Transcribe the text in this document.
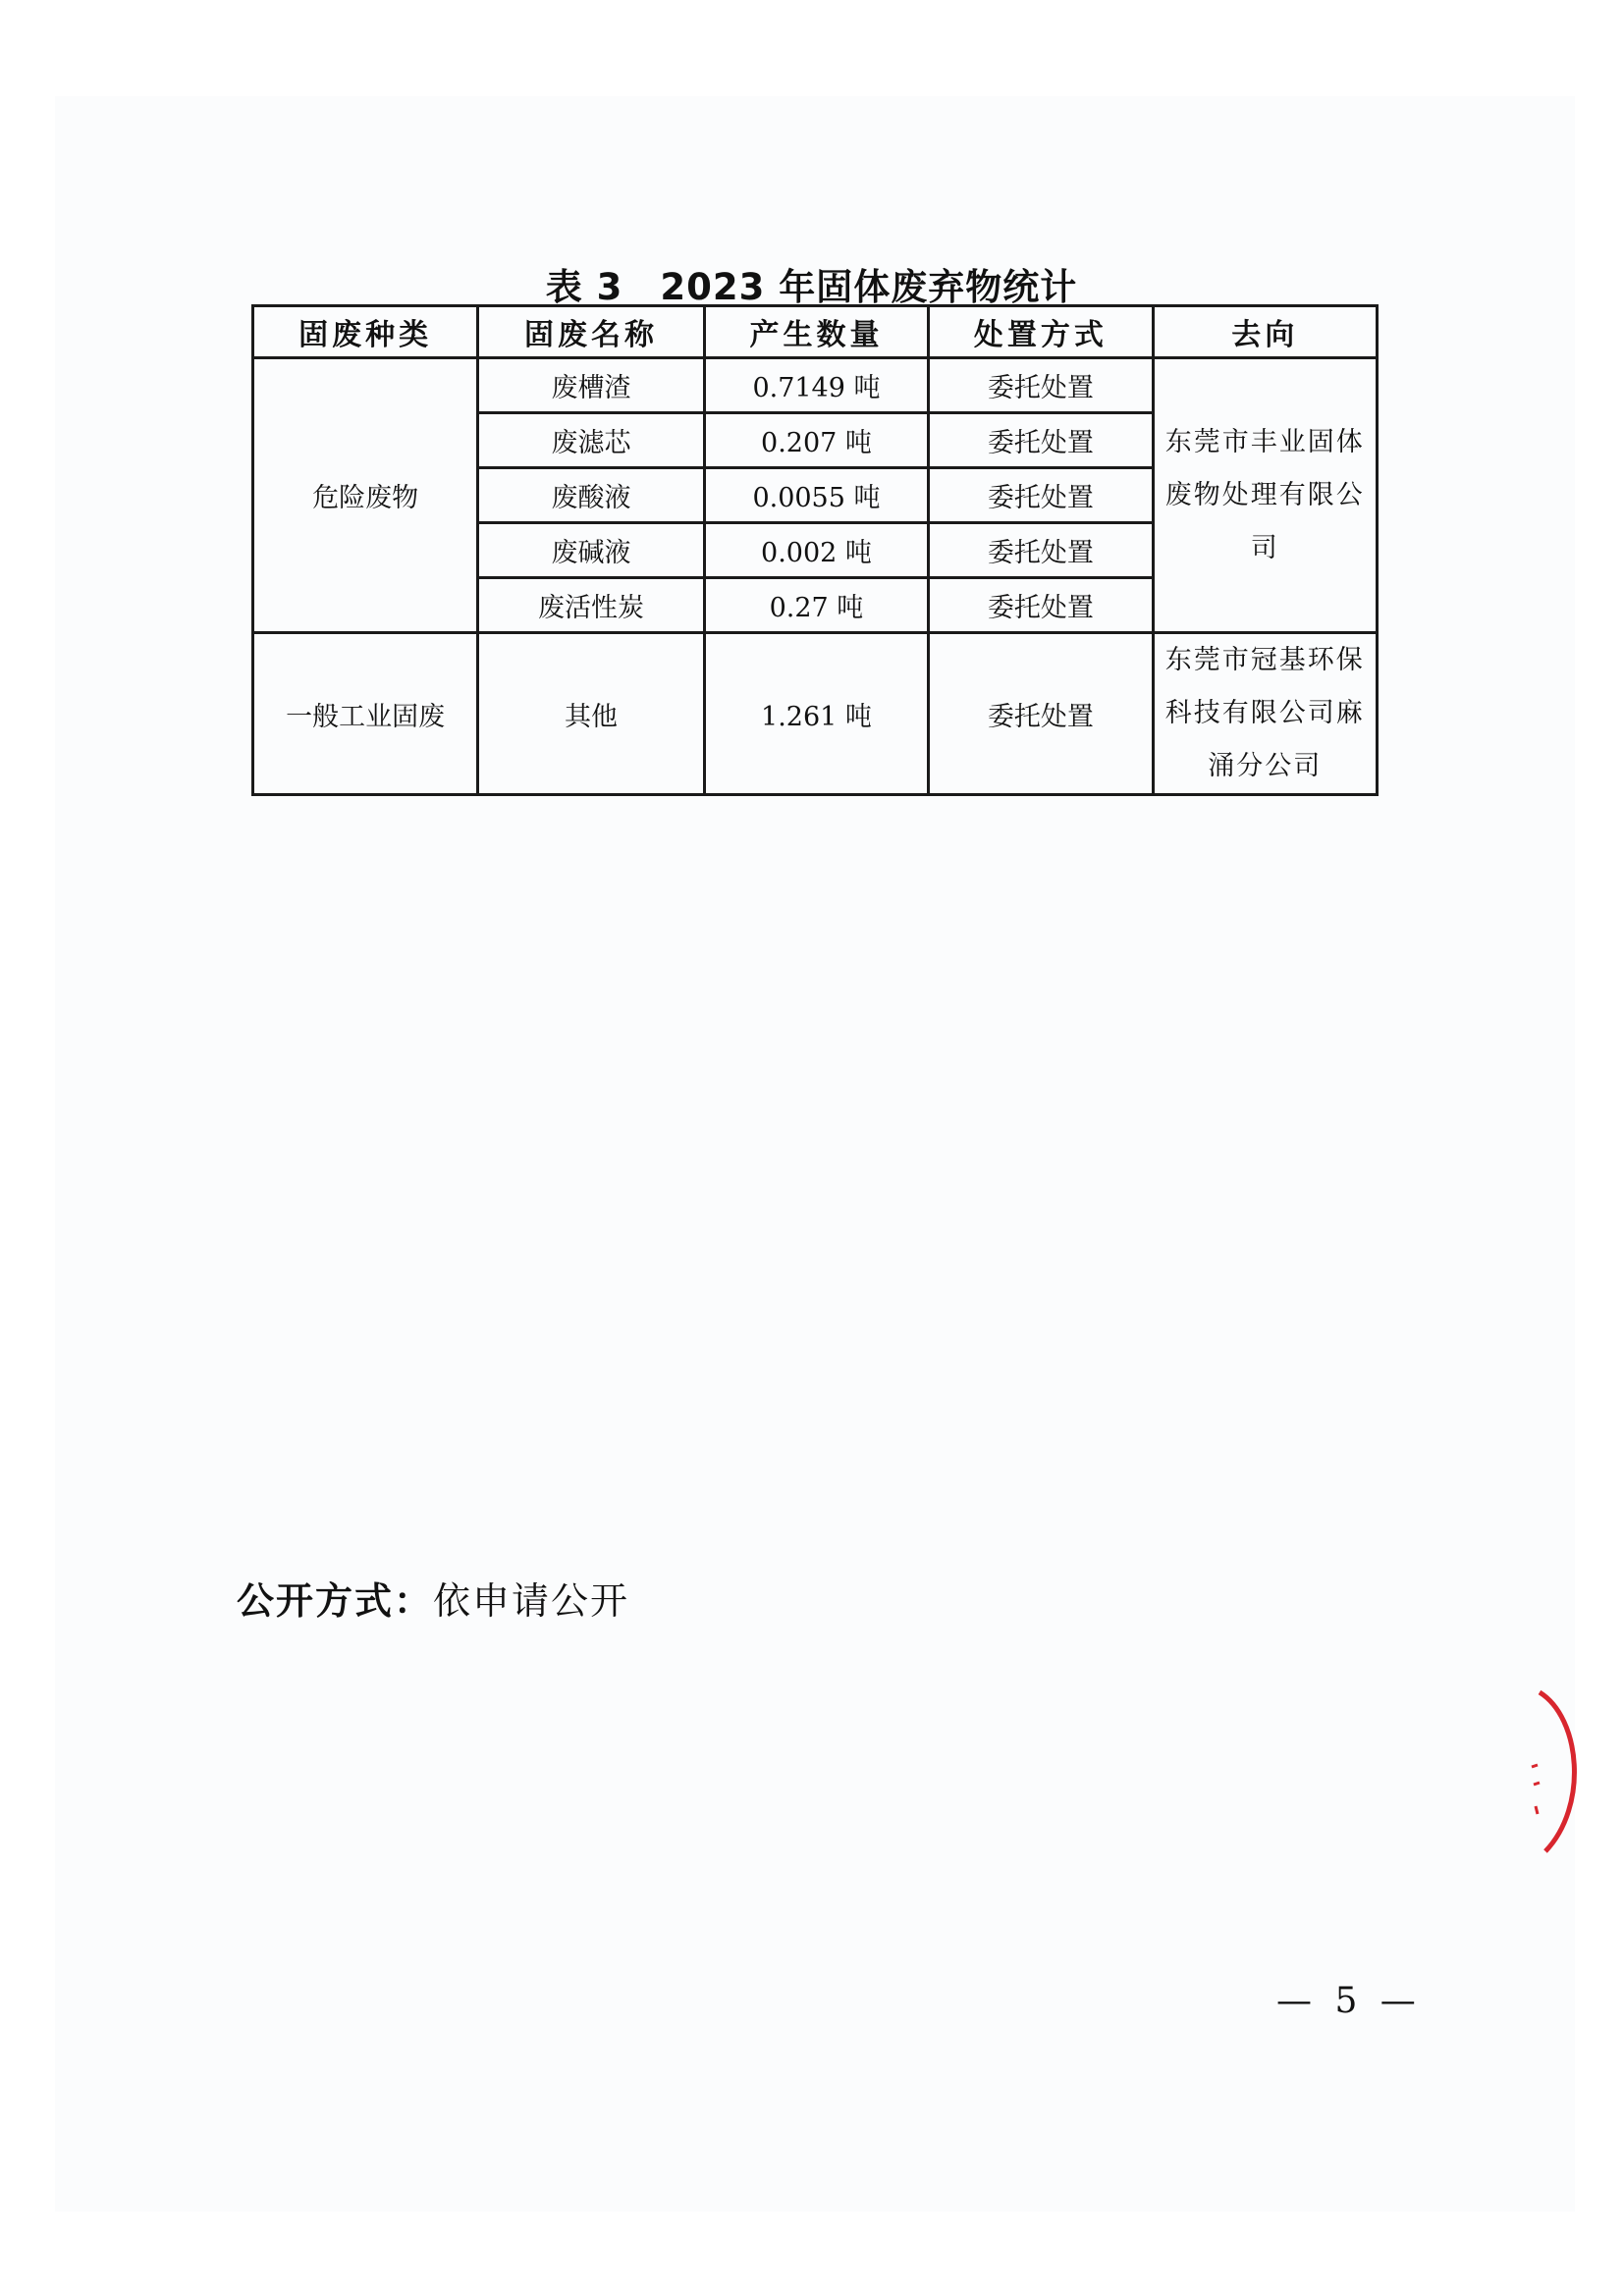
表 3　2023 年固体废弃物统计
固废种类	固废名称	产生数量	处置方式	去向
危险废物	废槽渣	0.7149 吨	委托处置	东莞市丰业固体废物处理有限公司
	废滤芯	0.207 吨	委托处置	
	废酸液	0.0055 吨	委托处置	
	废碱液	0.002 吨	委托处置	
	废活性炭	0.27 吨	委托处置	
一般工业固废	其他	1.261 吨	委托处置	东莞市冠基环保科技有限公司麻涌分公司
公开方式：依申请公开
— 5 —
